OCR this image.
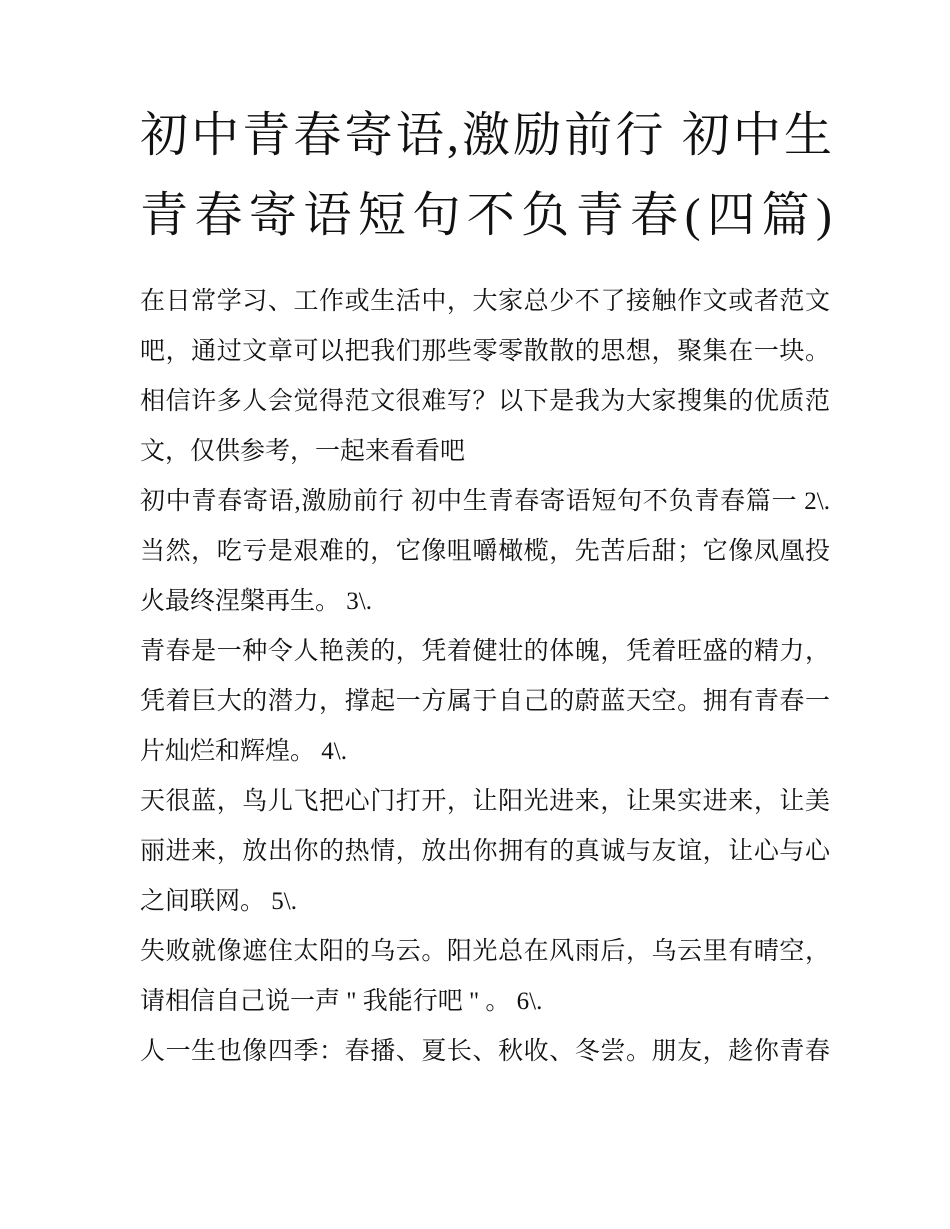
初中青春寄语,激励前行 初中生
青春寄语短句不负青春(四篇)
在日常学习、工作或生活中，大家总少不了接触作文或者范文
吧，通过文章可以把我们那些零零散散的思想，聚集在一块。
相信许多人会觉得范文很难写？以下是我为大家搜集的优质范
文，仅供参考，一起来看看吧
初中青春寄语,激励前行 初中生青春寄语短句不负青春篇一 2\.
当然，吃亏是艰难的，它像咀嚼橄榄，先苦后甜；它像凤凰投
火最终涅槃再生。 3\.
青春是一种令人艳羡的，凭着健壮的体魄，凭着旺盛的精力，
凭着巨大的潜力，撑起一方属于自己的蔚蓝天空。拥有青春一
片灿烂和辉煌。 4\.
天很蓝，鸟儿飞把心门打开，让阳光进来，让果实进来，让美
丽进来，放出你的热情，放出你拥有的真诚与友谊，让心与心
之间联网。 5\.
失败就像遮住太阳的乌云。阳光总在风雨后，乌云里有晴空，
请相信自己说一声 " 我能行吧 " 。 6\.
人一生也像四季：春播、夏长、秋收、冬尝。朋友，趁你青春
